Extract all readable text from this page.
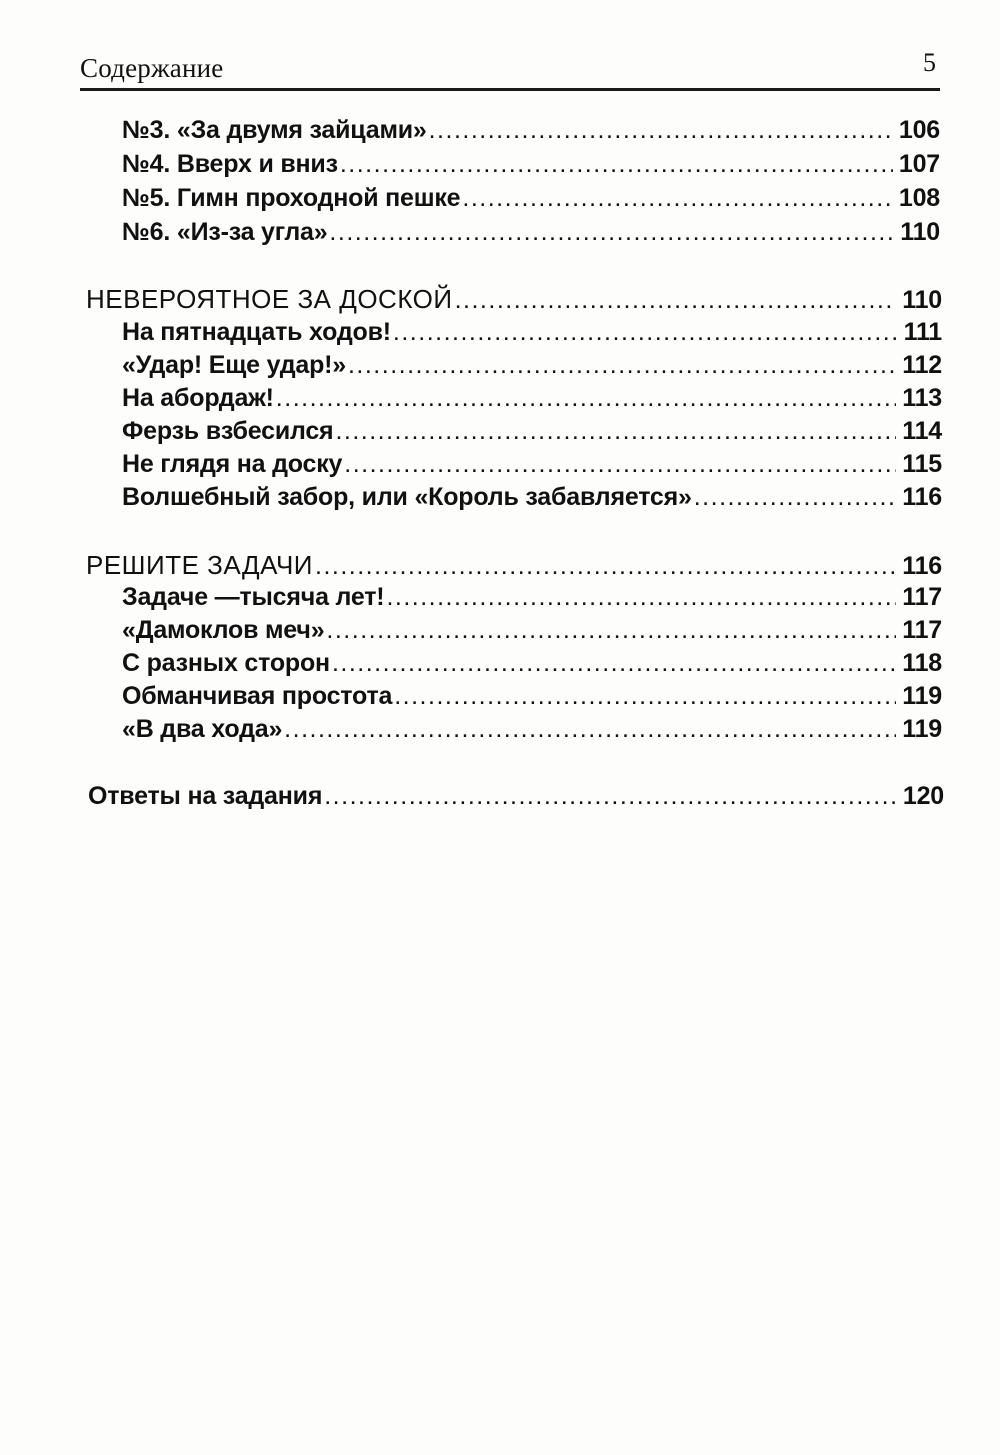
Содержание	5
№3. «За двумя зайцами» .....	106
№4. Вверх и вниз .....	107
№5. Гимн проходной пешке .....	108
№6. «Из-за угла» .....	110
НЕВЕРОЯТНОЕ ЗА ДОСКОЙ .....	110
На пятнадцать ходов! .....	111
«Удар! Еще удар!» .....	112
На абордаж! .....	113
Ферзь взбесился .....	114
Не глядя на доску .....	115
Волшебный забор, или «Король забавляется» .....	116
РЕШИТЕ ЗАДАЧИ .....	116
Задаче —тысяча лет! .....	117
«Дамоклов меч» .....	117
С разных сторон .....	118
Обманчивая простота .....	119
«В два хода» .....	119
Ответы на задания .....	120
